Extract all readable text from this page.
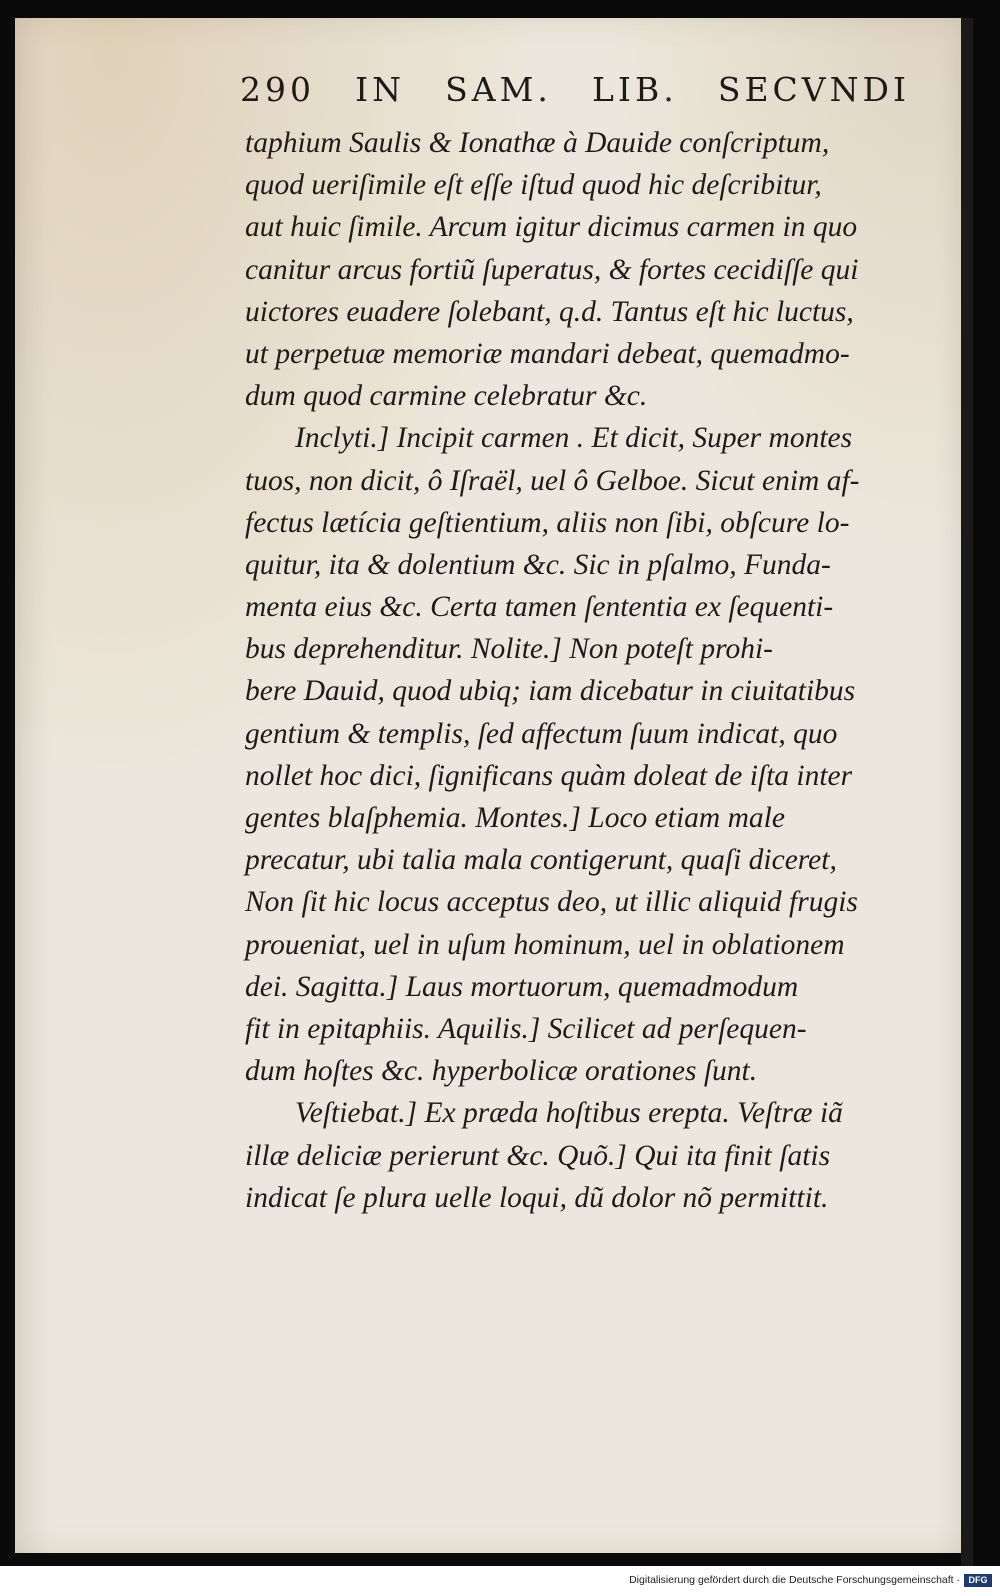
290 IN SAM. LIB. SECVNDI
taphium Saulis & Ionathæ à Dauide conſcriptum,
quod ueriſimile eſt eſſe iſtud quod hic deſcribitur,
aut huic ſimile. Arcum igitur dicimus carmen in quo
canitur arcus fortiũ ſuperatus, & fortes cecidiſſe qui
uictores euadere ſolebant, q.d. Tantus eſt hic luctus,
ut perpetuæ memoriæ mandari debeat, quemadmo-
dum quod carmine celebratur &c.
Inclyti.] Incipit carmen . Et dicit, Super montes
tuos, non dicit, ô Iſraël, uel ô Gelboe. Sicut enim af-
fectus lætícia geſtientium, aliis non ſibi, obſcure lo-
quitur, ita & dolentium &c. Sic in pſalmo, Funda-
menta eius &c. Certa tamen ſententia ex ſequenti-
bus deprehenditur. Nolite.] Non poteſt prohi-
bere Dauid, quod ubiq; iam dicebatur in ciuitatibus
gentium & templis, ſed affectum ſuum indicat, quo
nollet hoc dici, ſignificans quàm doleat de iſta inter
gentes blaſphemia. Montes.] Loco etiam male
precatur, ubi talia mala contigerunt, quaſi diceret,
Non ſit hic locus acceptus deo, ut illic aliquid frugis
proueniat, uel in uſum hominum, uel in oblationem
dei. Sagitta.] Laus mortuorum, quemadmodum
fit in epitaphiis. Aquilis.] Scilicet ad perſequen-
dum hoſtes &c. hyperbolicæ orationes ſunt.
Veſtiebat.] Ex præda hoſtibus erepta. Veſtræ iã
illæ deliciæ perierunt &c. Quõ.] Qui ita finit ſatis
indicat ſe plura uelle loqui, dũ dolor nõ permittit.
Digitalisierung gefördert durch die Deutsche Forschungsgemeinschaft · DFG
